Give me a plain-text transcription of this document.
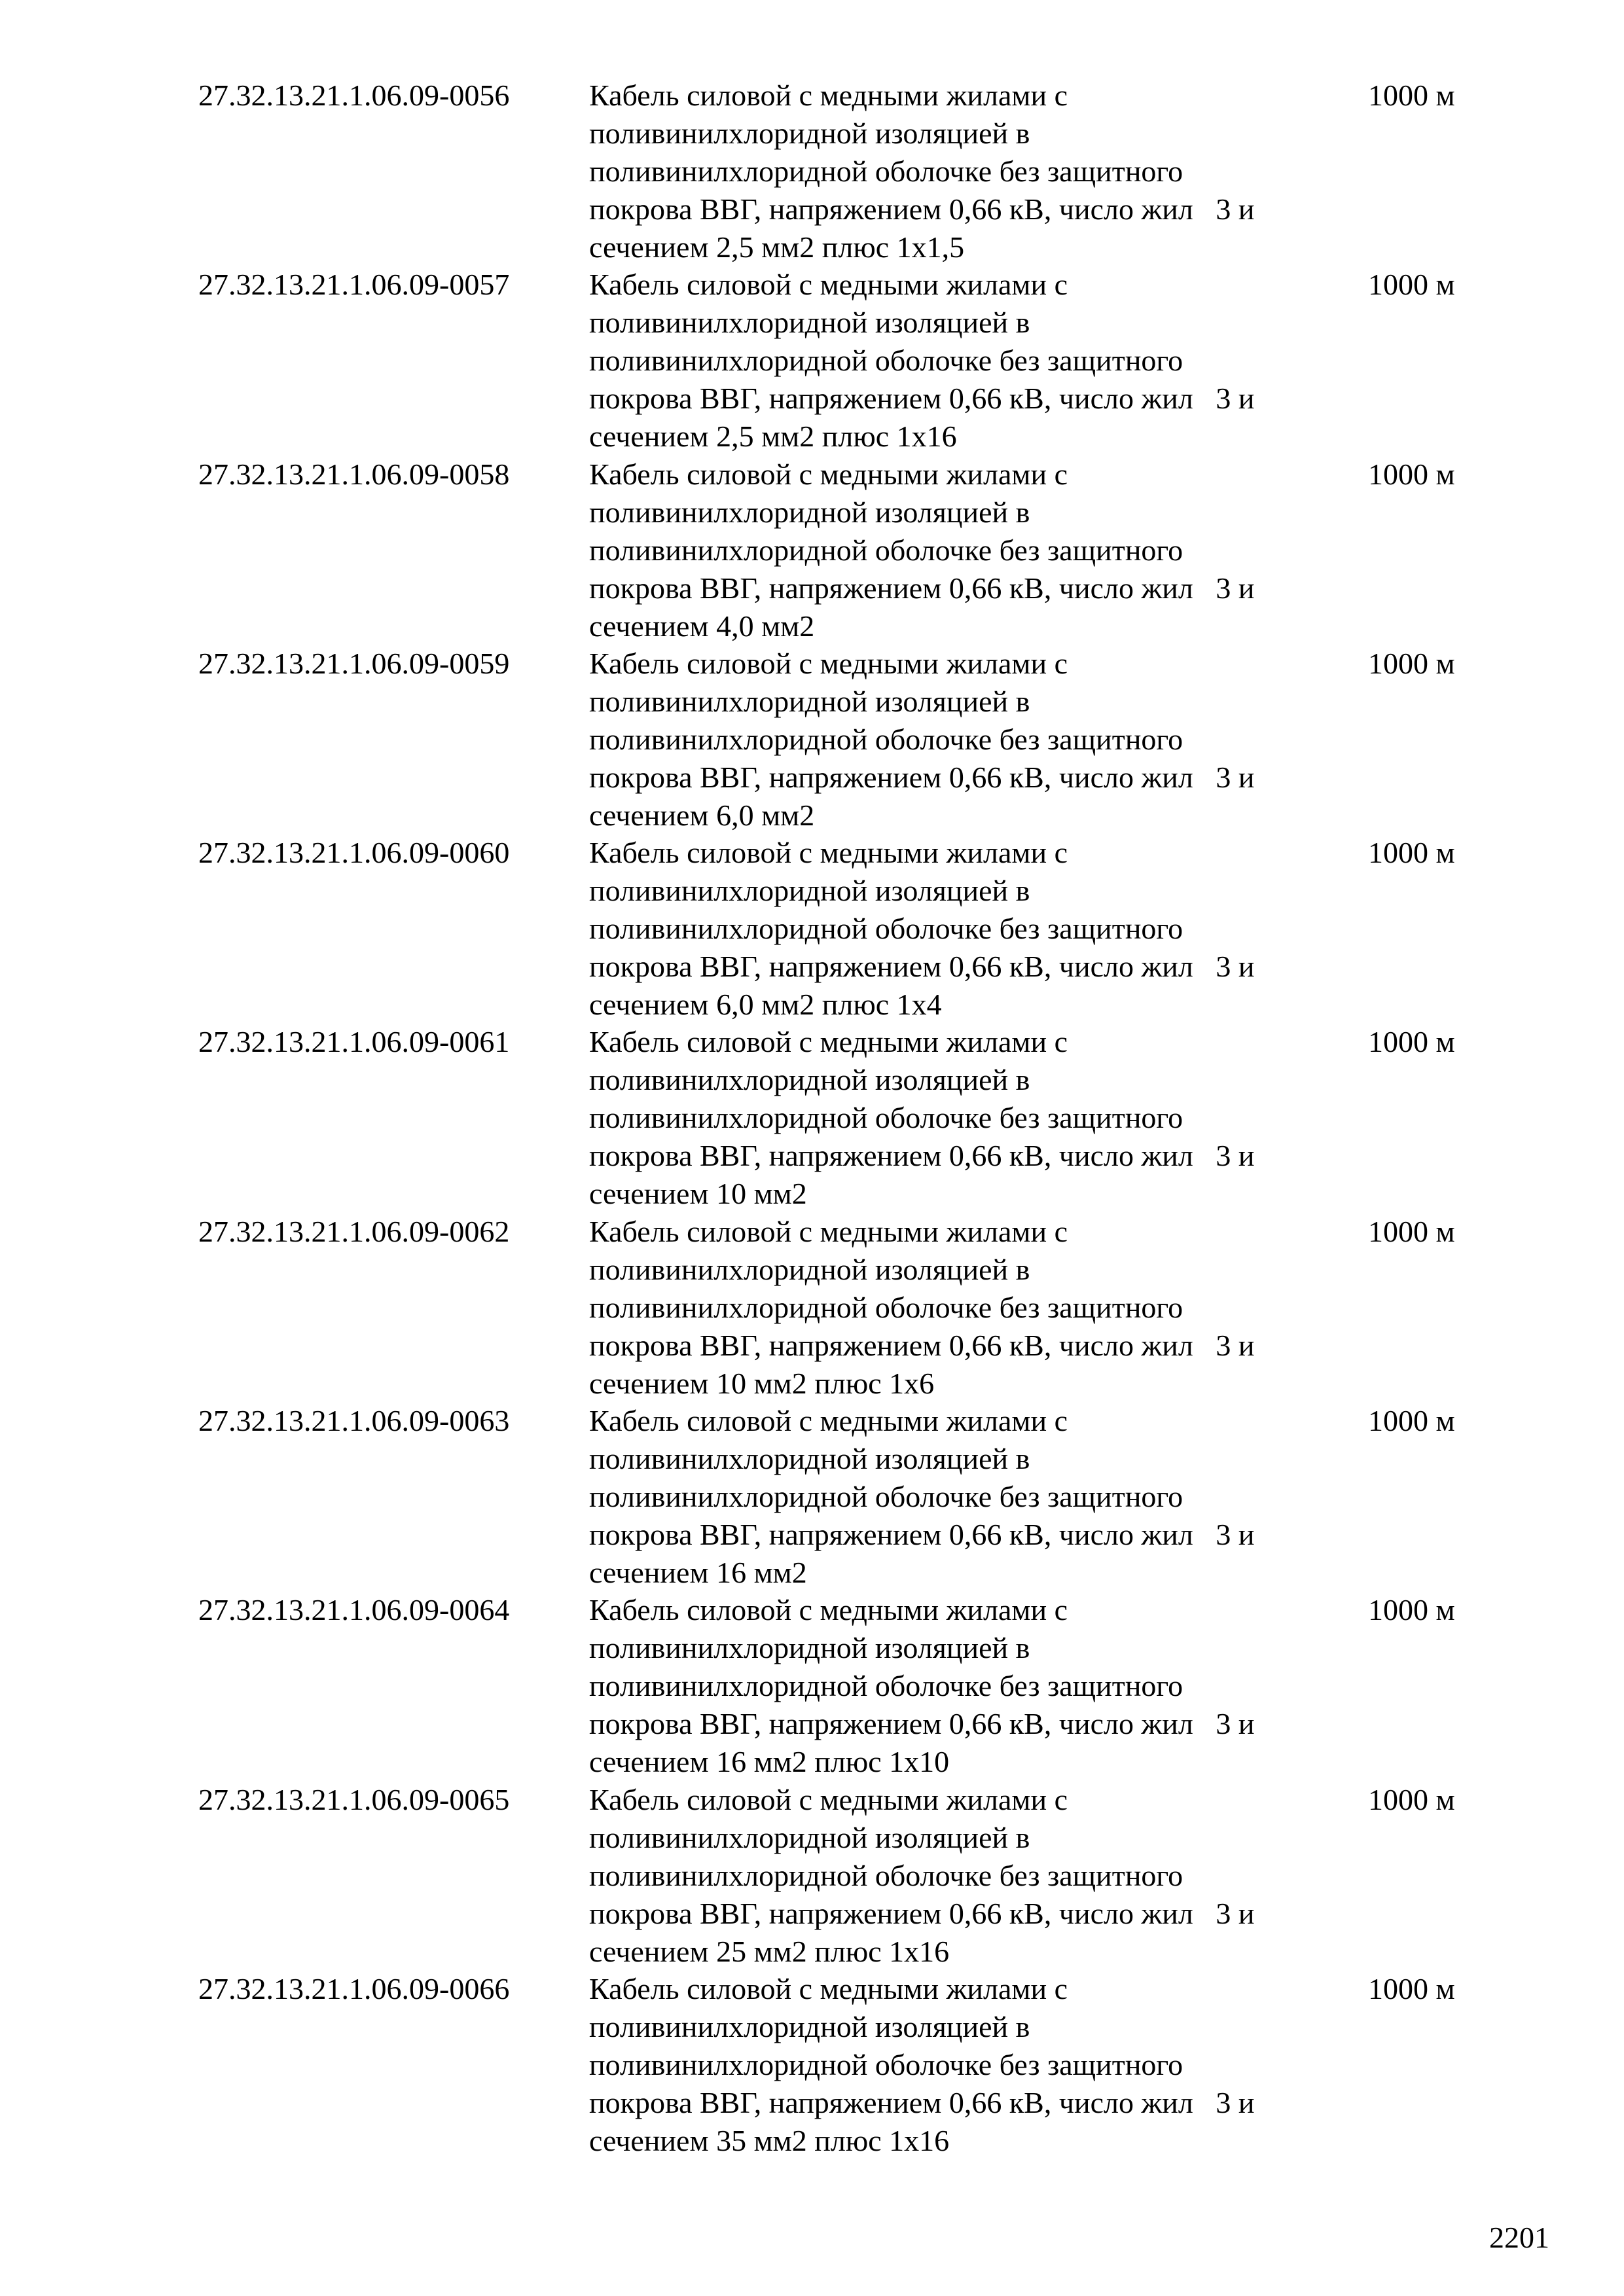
27.32.13.21.1.06.09-0056	Кабель силовой с медными жилами с
поливинилхлоридной изоляцией в
поливинилхлоридной оболочке без защитного
покрова ВВГ, напряжением 0,66 кВ, число жил   3 и
сечением 2,5 мм2 плюс 1x1,5
1000 м
27.32.13.21.1.06.09-0057	Кабель силовой с медными жилами с
поливинилхлоридной изоляцией в
поливинилхлоридной оболочке без защитного
покрова ВВГ, напряжением 0,66 кВ, число жил   3 и
сечением 2,5 мм2 плюс 1x16
1000 м
27.32.13.21.1.06.09-0058	Кабель силовой с медными жилами с
поливинилхлоридной изоляцией в
поливинилхлоридной оболочке без защитного
покрова ВВГ, напряжением 0,66 кВ, число жил   3 и
сечением 4,0 мм2
1000 м
27.32.13.21.1.06.09-0059	Кабель силовой с медными жилами с
поливинилхлоридной изоляцией в
поливинилхлоридной оболочке без защитного
покрова ВВГ, напряжением 0,66 кВ, число жил   3 и
сечением 6,0 мм2
1000 м
27.32.13.21.1.06.09-0060	Кабель силовой с медными жилами с
поливинилхлоридной изоляцией в
поливинилхлоридной оболочке без защитного
покрова ВВГ, напряжением 0,66 кВ, число жил   3 и
сечением 6,0 мм2 плюс 1x4
1000 м
27.32.13.21.1.06.09-0061	Кабель силовой с медными жилами с
поливинилхлоридной изоляцией в
поливинилхлоридной оболочке без защитного
покрова ВВГ, напряжением 0,66 кВ, число жил   3 и
сечением 10 мм2
1000 м
27.32.13.21.1.06.09-0062	Кабель силовой с медными жилами с
поливинилхлоридной изоляцией в
поливинилхлоридной оболочке без защитного
покрова ВВГ, напряжением 0,66 кВ, число жил   3 и
сечением 10 мм2 плюс 1x6
1000 м
27.32.13.21.1.06.09-0063	Кабель силовой с медными жилами с
поливинилхлоридной изоляцией в
поливинилхлоридной оболочке без защитного
покрова ВВГ, напряжением 0,66 кВ, число жил   3 и
сечением 16 мм2
1000 м
27.32.13.21.1.06.09-0064	Кабель силовой с медными жилами с
поливинилхлоридной изоляцией в
поливинилхлоридной оболочке без защитного
покрова ВВГ, напряжением 0,66 кВ, число жил   3 и
сечением 16 мм2 плюс 1x10
1000 м
27.32.13.21.1.06.09-0065	Кабель силовой с медными жилами с
поливинилхлоридной изоляцией в
поливинилхлоридной оболочке без защитного
покрова ВВГ, напряжением 0,66 кВ, число жил   3 и
сечением 25 мм2 плюс 1x16
1000 м
27.32.13.21.1.06.09-0066	Кабель силовой с медными жилами с
поливинилхлоридной изоляцией в
поливинилхлоридной оболочке без защитного
покрова ВВГ, напряжением 0,66 кВ, число жил   3 и
сечением 35 мм2 плюс 1x16
1000 м
2201
